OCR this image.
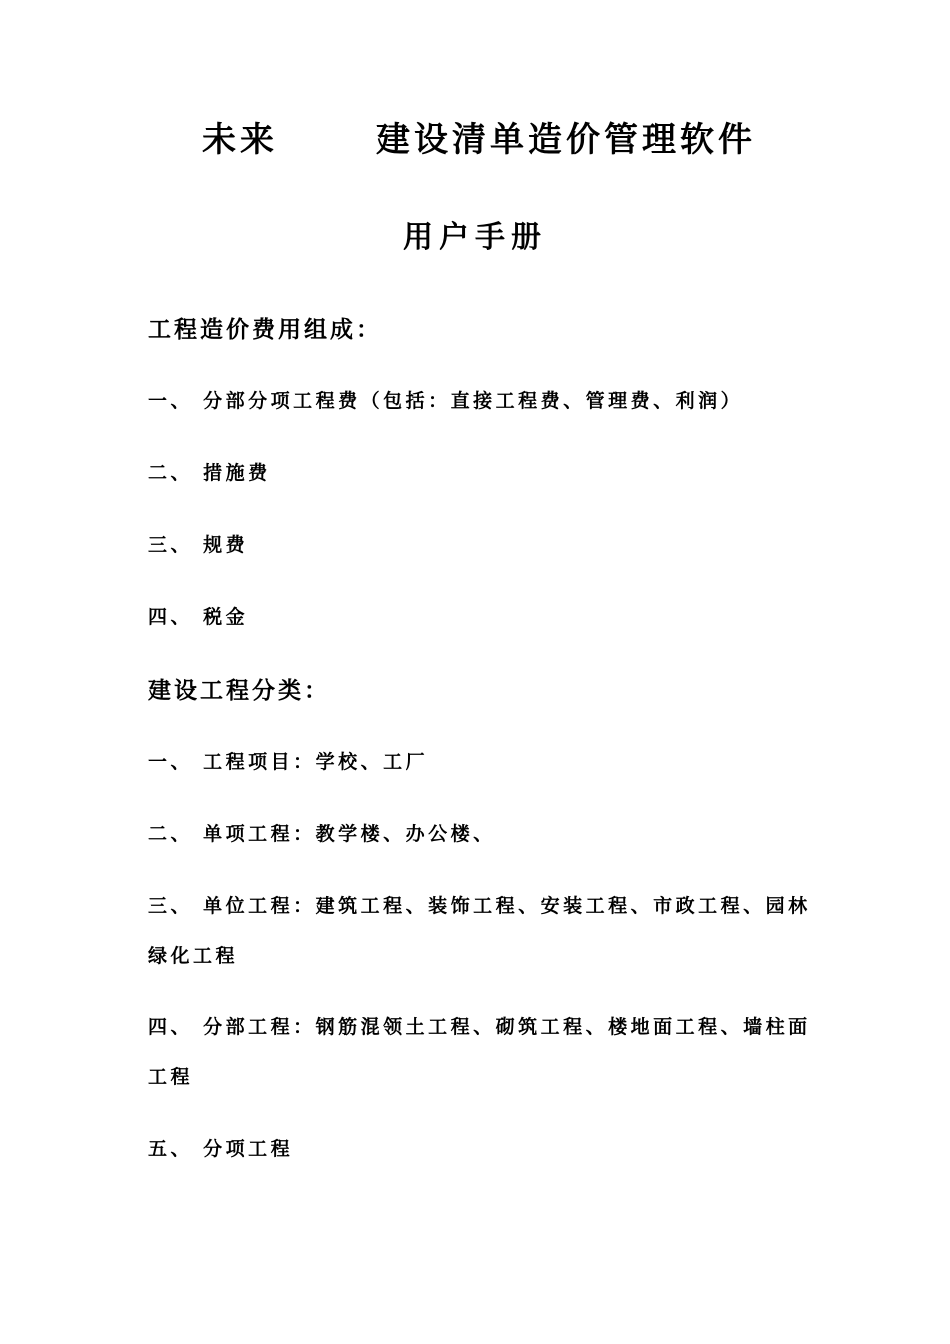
未来	建设清单造价管理软件
用户手册
工程造价费用组成：
一、 分部分项工程费（包括：直接工程费、管理费、利润）
二、 措施费
三、 规费
四、 税金
建设工程分类：
一、 工程项目：学校、工厂
二、 单项工程：教学楼、办公楼、
三、 单位工程：建筑工程、装饰工程、安装工程、市政工程、园林绿化工程
四、 分部工程：钢筋混领土工程、砌筑工程、楼地面工程、墙柱面工程
五、 分项工程
